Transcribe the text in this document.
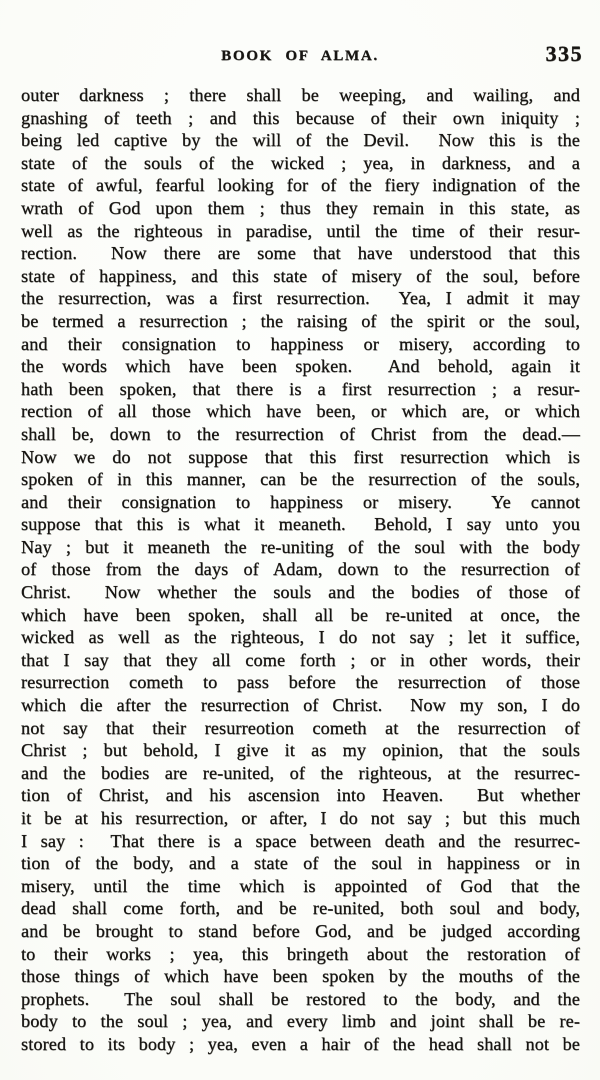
BOOK OF ALMA.	335
outer darkness ; there shall be weeping, and wailing, and
gnashing of teeth ; and this because of their own iniquity ;
being led captive by the will of the Devil.  Now this is the
state of the souls of the wicked ; yea, in darkness, and a
state of awful, fearful looking for of the fiery indignation of the
wrath of God upon them ; thus they remain in this state, as
well as the righteous in paradise, until the time of their resur-
rection.  Now there are some that have understood that this
state of happiness, and this state of misery of the soul, before
the resurrection, was a first resurrection.  Yea, I admit it may
be termed a resurrection ; the raising of the spirit or the soul,
and their consignation to happiness or misery, according to
the words which have been spoken.  And behold, again it
hath been spoken, that there is a first resurrection ; a resur-
rection of all those which have been, or which are, or which
shall be, down to the resurrection of Christ from the dead.—
Now we do not suppose that this first resurrection which is
spoken of in this manner, can be the resurrection of the souls,
and their consignation to happiness or misery.  Ye cannot
suppose that this is what it meaneth.  Behold, I say unto you
Nay ; but it meaneth the re-uniting of the soul with the body
of those from the days of Adam, down to the resurrection of
Christ.  Now whether the souls and the bodies of those of
which have been spoken, shall all be re-united at once, the
wicked as well as the righteous, I do not say ; let it suffice,
that I say that they all come forth ; or in other words, their
resurrection cometh to pass before the resurrection of those
which die after the resurrection of Christ.  Now my son, I do
not say that their resurreotion cometh at the resurrection of
Christ ; but behold, I give it as my opinion, that the souls
and the bodies are re-united, of the righteous, at the resurrec-
tion of Christ, and his ascension into Heaven.  But whether
it be at his resurrection, or after, I do not say ; but this much
I say :  That there is a space between death and the resurrec-
tion of the body, and a state of the soul in happiness or in
misery, until the time which is appointed of God that the
dead shall come forth, and be re-united, both soul and body,
and be brought to stand before God, and be judged according
to their works ; yea, this bringeth about the restoration of
those things of which have been spoken by the mouths of the
prophets.  The soul shall be restored to the body, and the
body to the soul ; yea, and every limb and joint shall be re-
stored to its body ; yea, even a hair of the head shall not be
